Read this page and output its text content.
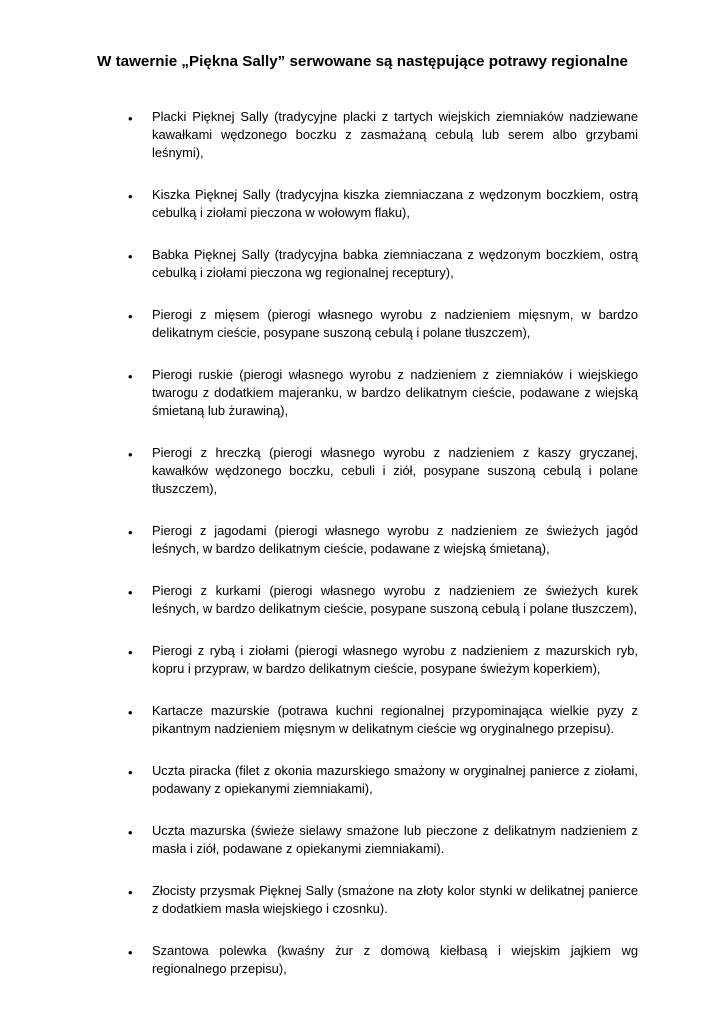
W tawernie „Piękna Sally” serwowane są następujące potrawy regionalne
• Placki Pięknej Sally (tradycyjne placki z tartych wiejskich ziemniaków nadziewane kawałkami wędzonego boczku z zasmażaną cebulą lub serem albo grzybami leśnymi),
• Kiszka Pięknej Sally (tradycyjna kiszka ziemniaczana z wędzonym boczkiem, ostrą cebulką i ziołami pieczona w wołowym flaku),
• Babka Pięknej Sally (tradycyjna babka ziemniaczana z wędzonym boczkiem, ostrą cebulką i ziołami pieczona wg regionalnej receptury),
• Pierogi z mięsem (pierogi własnego wyrobu z nadzieniem mięsnym, w bardzo delikatnym cieście, posypane suszoną cebulą i polane tłuszczem),
• Pierogi ruskie (pierogi własnego wyrobu z nadzieniem z ziemniaków i wiejskiego twarogu z dodatkiem majeranku, w bardzo delikatnym cieście, podawane z wiejską śmietaną lub żurawiną),
• Pierogi z hreczką (pierogi własnego wyrobu z nadzieniem z kaszy gryczanej, kawałków wędzonego boczku, cebuli i ziół, posypane suszoną cebulą i polane tłuszczem),
• Pierogi z jagodami (pierogi własnego wyrobu z nadzieniem ze świeżych jagód leśnych, w bardzo delikatnym cieście, podawane z wiejską śmietaną),
• Pierogi z kurkami (pierogi własnego wyrobu z nadzieniem ze świeżych kurek leśnych, w bardzo delikatnym cieście, posypane suszoną cebulą i polane tłuszczem),
• Pierogi z rybą i ziołami (pierogi własnego wyrobu z nadzieniem z mazurskich ryb, kopru i przypraw, w bardzo delikatnym cieście, posypane świeżym koperkiem),
• Kartacze mazurskie (potrawa kuchni regionalnej przypominająca wielkie pyzy z pikantnym nadzieniem mięsnym w delikatnym cieście wg oryginalnego przepisu).
• Uczta piracka (filet z okonia mazurskiego smażony w oryginalnej panierce z ziołami, podawany z opiekanymi ziemniakami),
• Uczta mazurska (świeże sielawy smażone lub pieczone z delikatnym nadzieniem z masła i ziół, podawane z opiekanymi ziemniakami).
• Złocisty przysmak Pięknej Sally (smażone na złoty kolor stynki w delikatnej panierce z dodatkiem masła wiejskiego i czosnku).
• Szantowa polewka (kwaśny żur z domową kiełbasą i wiejskim jajkiem wg regionalnego przepisu),
